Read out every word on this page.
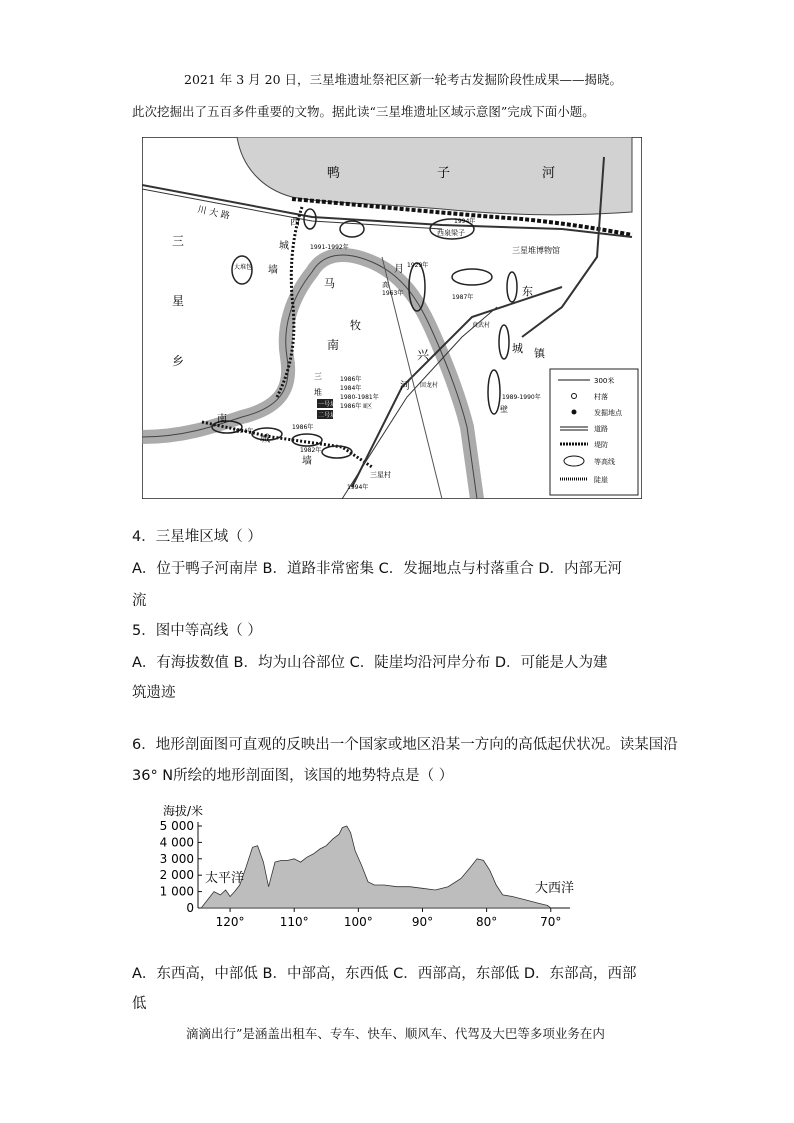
2021 年 3 月 20 日，三星堆遗址祭祀区新一轮考古发掘阶段性成果——揭晓。
此次挖掘出了五百多件重要的文物。据此读“三星堆遗址区域示意图”完成下面小题。
鸭	子	河
川 大 路
西
城
墙
三
星
乡
马
牧
河
南
兴
东
城 镇
南
城
墙
月
西泉梁子
三星堆博物馆
大堆包
高
真武村
回龙村
三星村
壁
三
堆
一号坑
二号坑
1991-1992年
1994年
1929年
1963年
1987年
1986年
1984年
1980-1981年
1986年 Ⅱ区
1986年
1982年
1994年
1994年
1989-1990年
300米
村落
发掘地点
道路
堤防
等高线
陡崖
4．三星堆区域（ ）
A．位于鸭子河南岸 B．道路非常密集 C．发掘地点与村落重合 D．内部无河
流
5．图中等高线（ ）
A．有海拔数值 B．均为山谷部位 C．陡崖均沿河岸分布 D．可能是人为建
筑遗迹
6．地形剖面图可直观的反映出一个国家或地区沿某一方向的高低起伏状况。读某国沿
36° N所绘的地形剖面图，该国的地势特点是（ ）
海拔/米
5 000
4 000
3 000
2 000
1 000
0
120°	110°	100°	90°	80°	70°
太平洋
大西洋
A．东西高，中部低 B．中部高，东西低 C．西部高，东部低 D．东部高，西部
低
滴滴出行”是涵盖出租车、专车、快车、顺风车、代驾及大巴等多项业务在内
